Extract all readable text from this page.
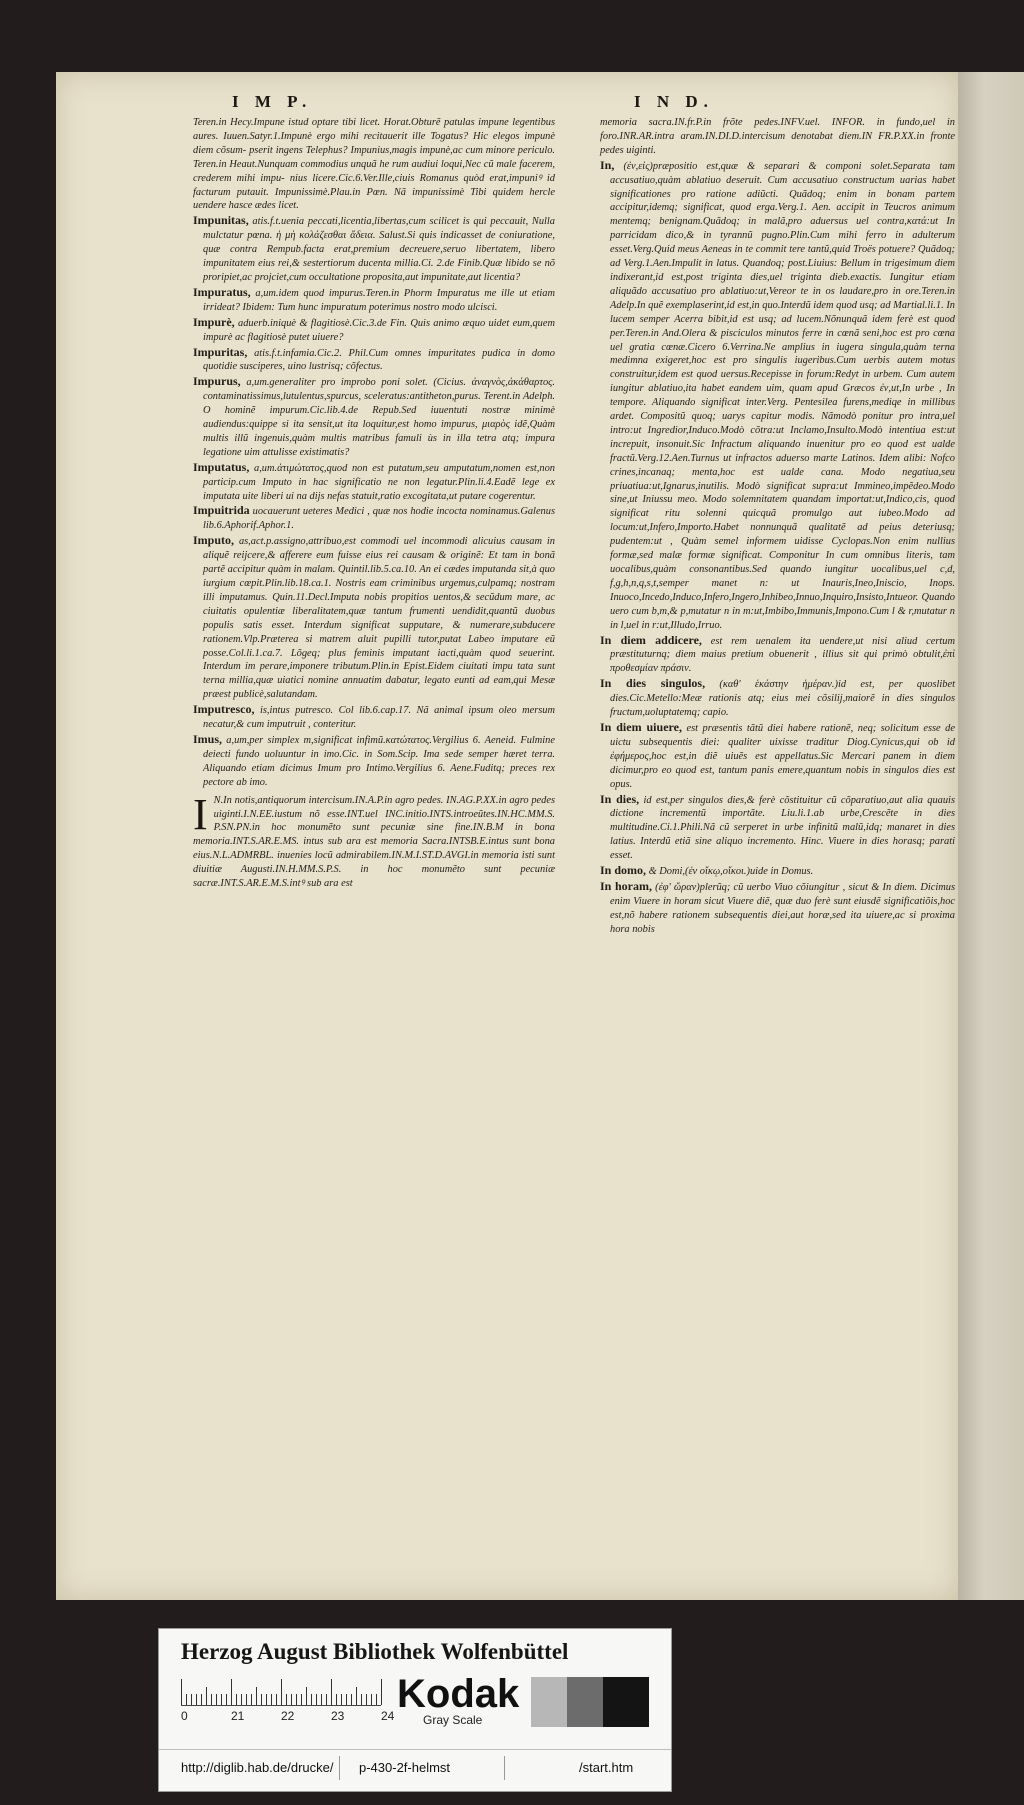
I M P.	I N D.

Teren.in Hecy.Impune istud optare tibi licet. Horat.Obturẽ patulas impune legentibus aures. Iuuen.Satyr.1.Impunè ergo mihi recitauerit ille Togatus? Hic elegos impunè diem cõsum- pserit ingens Telephus? Impunius,magis impunè,ac cum minore periculo. Teren.in Heaut.Nunquam commodius unquã he rum audiui loqui,Nec cũ male facerem, crederem mihi impu- nius licere.Cic.6.Ver.Ille,ciuis Romanus quòd erat,impuniꝰ id facturum putauit. Impunissimè.Plau.in Pœn. Nã impunissimè Tibi quidem hercle uendere hasce ædes licet.

Impunitas, atis.f.t.uenia peccati,licentia,libertas,cum scilicet is qui peccauit, Nulla mulctatur pœna. ἡ μὴ κολάζεσθαι ἄδεια. Salust.Si quis indicasset de coniuratione, quæ contra Rempub.facta erat,premium decreuere,seruo libertatem, libero impunitatem eius rei,& sestertiorum ducenta millia.Ci. 2.de Finib.Quæ libido se nõ proripiet,ac projciet,cum occultatione proposita,aut impunitate,aut licentia?

Impuratus, a,um.idem quod impurus.Teren.in Phorm Impuratus me ille ut etiam irrideat? Ibidem: Tum hunc impuratum poterimus nostro modo ulcisci.

Impurè, aduerb.iniquè & flagitiosè.Cic.3.de Fin. Quis animo æquo uidet eum,quem impurè ac flagitiosè putet uiuere?

Impuritas, atis.f.t.infamia.Cic.2. Phil.Cum omnes impuritates pudica in domo quotidie susciperes, uino lustrisq; cõfectus.

Impurus, a,um.generaliter pro improbo poni solet. (Cicius. ἀναγνὸς,ἀκάθαρτος. contaminatissimus,lutulentus,spurcus, sceleratus:antitheton,purus. Terent.in Adelph. O hominẽ impurum.Cic.lib.4.de Repub.Sed iuuentuti nostræ minimè audiendus:quippe si ita sensit,ut ita loquitur,est homo impurus, μιαρὸς idẽ,Quàm multis illũ ingenuis,quàm multis matribus famuli ùs in illa tetra atq; impura legatione uim attulisse existimatis?

Imputatus, a,um.ἀτιμώτατος,quod non est putatum,seu amputatum,nomen est,non particip.cum Imputo in hac significatio ne non legatur.Plin.li.4.Eadẽ lege ex imputata uite liberi ui na dijs nefas statuit,ratio excogitata,ut putare cogerentur.

Impuitrida uocauerunt ueteres Medici , quæ nos hodie incocta nominamus.Galenus lib.6.Aphorif.Aphor.1.

Imputo, as,act.p.assigno,attribuo,est commodi uel incommodi alicuius causam in aliquẽ reijcere,& afferere eum fuisse eius rei causam & originẽ: Et tam in bonã partẽ accipitur quàm in malam. Quintil.lib.5.ca.10. An ei cædes imputanda sit,à quo iurgium cœpit.Plin.lib.18.ca.1. Nostris eam criminibus urgemus,culpamq; nostram illi imputamus. Quin.11.Decl.Imputa nobis propitios uentos,& secũdum mare, ac ciuitatis opulentiæ liberalitatem,quæ tantum frumenti uendidit,quantũ duobus populis satis esset. Interdum significat supputare, & numerare,subducere rationem.Vlp.Præterea si matrem aluit pupilli tutor,putat Labeo imputare eũ posse.Col.li.1.ca.7. Lõgeq; plus feminis imputant iacti,quàm quod seuerint. Interdum im perare,imponere tributum.Plin.in Epist.Eidem ciuitati impu tata sunt terna millia,quæ uiatici nomine annuatim dabatur, legato eunti ad eam,qui Mesæ præest publicè,salutandam.

Imputresco, is,intus putresco. Col lib.6.cap.17. Nã animal ipsum oleo mersum necatur,& cum imputruit , conteritur.

Imus, a,um,per simplex m,significat infimũ.κατώτατος.Vergilius 6. Aeneid. Fulmine deiecti fundo uoluuntur in imo.Cic. in Som.Scip. Ima sede semper hæret terra. Aliquando etiam dicimus Imum pro Intimo.Vergilius 6. Aene.Fuditq; preces rex pectore ab imo.

I N.In notis,antiquorum intercisum.IN.A.P.in agro pedes. IN.AG.P.XX.in agro pedes uiginti.I.N.EE.iustum nõ esse.INT.uel INC.initio.INTS.introeũtes.IN.HC.MM.S. P.SN.PN.in hoc monumẽto sunt pecuniæ sine fine.IN.B.M in bona memoria.INT.S.AR.E.MS. intus sub ara est memoria Sacra.INTSB.E.intus sunt bona eius.N.L.ADMRBL. inuenies locũ admirabilem.IN.M.I.ST.D.AVGI.in memoria isti sunt diuitiæ Augusti.IN.H.MM.S.P.S. in hoc monumẽto sunt pecuniæ sacræ.INT.S.AR.E.M.S.intꝰ sub ara est

memoria sacra.IN.fr.P.in frõte pedes.INFV.uel. INFOR. in fundo,uel in foro.INR.AR.intra aram.IN.DI.D.intercisum denotabat diem.IN FR.P.XX.in fronte pedes uiginti.

In, (ἐν,εἰς)præpositio est,quæ & separari & componi solet.Separata tam accusatiuo,quàm ablatiuo deseruit. Cum accusatiuo constructum uarias habet significationes pro ratione adiũcti. Quãdoq; enim in bonam partem accipitur,idemq; significat, quod erga.Verg.1. Aen. accipit in Teucros animum mentemq; benignam.Quãdoq; in malã,pro aduersus uel contra,κατά:ut In parricidam dico,& in tyrannũ pugno.Plin.Cum mihi ferro in adulterum esset.Verg.Quid meus Aeneas in te commit tere tantũ,quid Troës potuere? Quãdoq; ad Verg.1.Aen.Impulit in latus. Quandoq; post.Liuius: Bellum in trigesimum diem indixerant,id est,post triginta dies,uel triginta dieb.exactis. Iungitur etiam aliquãdo accusatiuo pro ablatiuo:ut,Vereor te in os laudare,pro in ore.Teren.in Adelp.In quẽ exemplaserint,id est,in quo.Interdũ idem quod usq; ad Martial.li.1. In lucem semper Acerra bibit,id est usq; ad lucem.Nõnunquã idem ferè est quod per.Teren.in And.Olera & pisciculos minutos ferre in cœnã seni,hoc est pro cœna uel gratia cœnæ.Cicero 6.Verrina.Ne amplius in iugera singula,quàm terna medimna exigeret,hoc est pro singulis iugeribus.Cum uerbis autem motus construitur,idem est quod uersus.Recepisse in forum:Redyt in urbem. Cum autem iungitur ablatiuo,ita habet eandem uim, quam apud Græcos ἐν,ut,In urbe , In tempore. Aliquando significat inter.Verg. Pentesilea furens,mediqe in millibus ardet. Compositũ quoq; uarys capitur modis. Nãmodò ponitur pro intra,uel intro:ut Ingredior,Induco.Modò cõtra:ut Inclamo,Insulto.Modò intentiua est:ut increpuit, insonuit.Sic Infractum aliquando inuenitur pro eo quod est ualde fractũ.Verg.12.Aen.Turnus ut infractos aduerso marte Latinos. Idem alibi: Nofco crines,incanaq; menta,hoc est ualde cana. Modo negatiua,seu priuatiua:ut,Ignarus,inutilis. Modò significat supra:ut Immineo,impẽdeo.Modo sine,ut Iniussu meo. Modo solemnitatem quandam importat:ut,Indico,cis, quod significat ritu solenni quicquã promulgo aut iubeo.Modo ad locum:ut,Infero,Importo.Habet nonnunquã qualitatẽ ad peius deteriusq; pudentem:ut , Quàm semel informem uidisse Cyclopas.Non enim nullius formæ,sed malæ formæ significat. Componitur In cum omnibus literis, tam uocalibus,quàm consonantibus.Sed quando iungitur uocalibus,uel c,d, f,g,h,n,q,s,t,semper manet n: ut Inauris,Ineo,Iniscio, Inops. Inuoco,Incedo,Induco,Infero,Ingero,Inhibeo,Innuo,Inquiro,Insisto,Intueor. Quando uero cum b,m,& p,mutatur n in m:ut,Imbibo,Immunis,Impono.Cum l & r,mutatur n in l,uel in r:ut,Illudo,Irruo.

In diem addicere, est rem uenalem ita uendere,ut nisi aliud certum præstituturnq; diem maius pretium obuenerit , illius sit qui primò obtulit,ἐπὶ προθεσμίαν πράσιν.

In dies singulos, (καθ' ἑκάστην ἡμέραν.)id est, per quoslibet dies.Cic.Metello:Meæ rationis atq; eius mei cõsilij,maiorẽ in dies singulos fructum,uoluptatemq; capio.

In diem uiuere, est præsentis tãtũ diei habere rationẽ, neq; solicitum esse de uictu subsequentis diei: qualiter uixisse traditur Diog.Cynicus,qui ob id ἐφήμερος,hoc est,in diẽ uiuẽs est appellatus.Sic Mercari panem in diem dicimur,pro eo quod est, tantum panis emere,quantum nobis in singulos dies est opus.

In dies, id est,per singulos dies,& ferè cõstituitur cũ cõparatiuo,aut alia quauis dictione incrementũ importãte. Liu.li.1.ab urbe,Crescẽte in dies multitudine.Ci.1.Phili.Nã cũ serperet in urbe infinitũ malũ,idq; manaret in dies latius. Interdũ etiã sine aliquo incremento. Hinc. Viuere in dies horasq; parati esset.

In domo, & Domi,(ἐν οἴκῳ,οἴκοι.)uide in Domus.

In horam, (ἐφ' ὥραν)plerũq; cũ uerbo Viuo cõiungitur , sicut & In diem. Dicimus enim Viuere in horam sicut Viuere diẽ, quæ duo ferè sunt eiusdẽ significatiõis,hoc est,nõ habere rationem subsequentis diei,aut horæ,sed ita uiuere,ac si proxima hora nobis

Herzog August Bibliothek Wolfenbüttel
0	21	22	23	24 Kodak
Gray Scale
http://diglib.hab.de/drucke/ p-430-2f-helmst	/start.htm
